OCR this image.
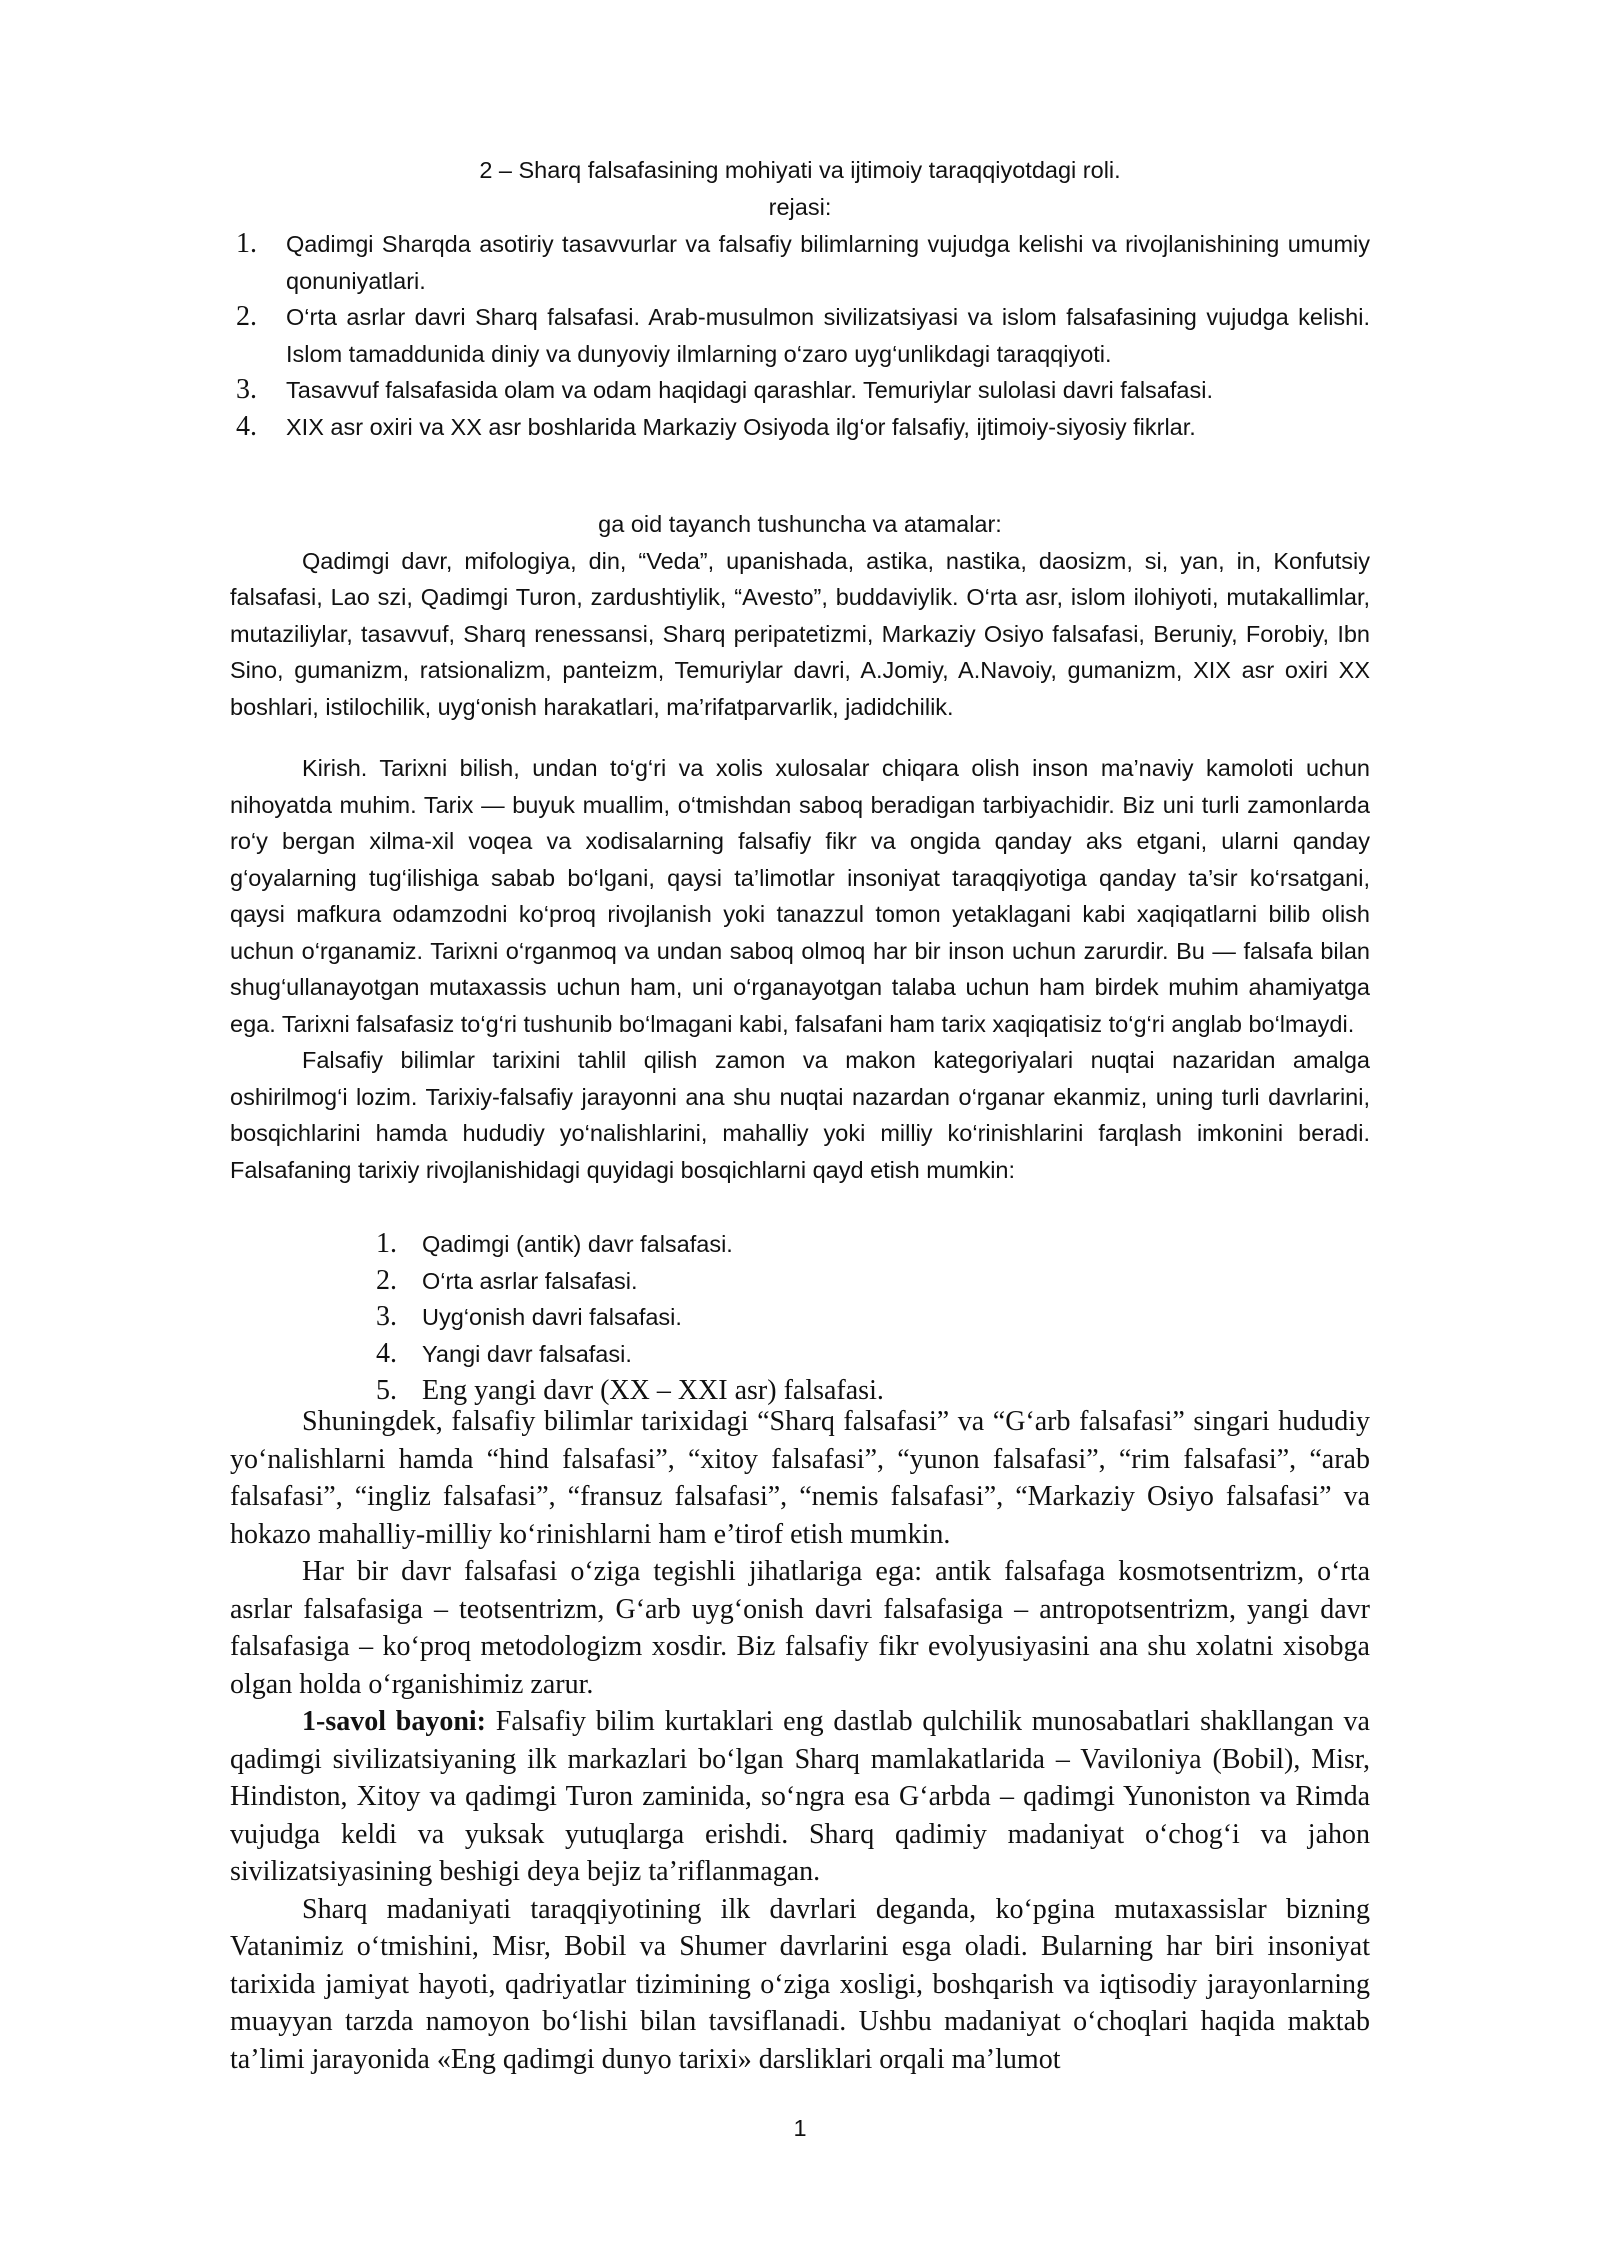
2 – Sharq falsafasining mohiyati va ijtimoiy taraqqiyotdagi roli.

rejasi:

1. Qadimgi Sharqda asotiriy tasavvurlar va falsafiy bilimlarning vujudga kelishi va rivojlanishining umumiy qonuniyatlari.
2. O‘rta asrlar davri Sharq falsafasi. Arab-musulmon sivilizatsiyasi va islom falsafasining vujudga kelishi. Islom tamaddunida diniy va dunyoviy ilmlarning o‘zaro uyg‘unlikdagi taraqqiyoti.
3. Tasavvuf falsafasida olam va odam haqidagi qarashlar. Temuriylar sulolasi davri falsafasi.
4. XIX asr oxiri va XX asr boshlarida Markaziy Osiyoda ilg‘or falsafiy, ijtimoiy-siyosiy fikrlar.

ga oid tayanch tushuncha va atamalar:

Qadimgi davr, mifologiya, din, “Veda”, upanishada, astika, nastika, daosizm, si, yan, in, Konfutsiy falsafasi, Lao szi, Qadimgi Turon, zardushtiylik, “Avesto”, buddaviylik. O‘rta asr, islom ilohiyoti, mutakallimlar, mutaziliylar, tasavvuf, Sharq renessansi, Sharq peripatetizmi, Markaziy Osiyo falsafasi, Beruniy, Forobiy, Ibn Sino, gumanizm, ratsionalizm, panteizm, Temuriylar davri, A.Jomiy, A.Navoiy, gumanizm, XIX asr oxiri XX boshlari, istilochilik, uyg‘onish harakatlari, ma’rifatparvarlik, jadidchilik.

Kirish. Tarixni bilish, undan to‘g‘ri va xolis xulosalar chiqara olish inson ma’naviy kamoloti uchun nihoyatda muhim. Tarix — buyuk muallim, o‘tmishdan saboq beradigan tarbiyachidir. Biz uni turli zamonlarda ro‘y bergan xilma-xil voqea va xodisalarning falsafiy fikr va ongida qanday aks etgani, ularni qanday g‘oyalarning tug‘ilishiga sabab bo‘lgani, qaysi ta’limotlar insoniyat taraqqiyotiga qanday ta’sir ko‘rsatgani, qaysi mafkura odamzodni ko‘proq rivojlanish yoki tanazzul tomon yetaklagani kabi xaqiqatlarni bilib olish uchun o‘rganamiz. Tarixni o‘rganmoq va undan saboq olmoq har bir inson uchun zarurdir. Bu — falsafa bilan shug‘ullanayotgan mutaxassis uchun ham, uni o‘rganayotgan talaba uchun ham birdek muhim ahamiyatga ega. Tarixni falsafasiz to‘g‘ri tushunib bo‘lmagani kabi, falsafani ham tarix xaqiqatisiz to‘g‘ri anglab bo‘lmaydi.

Falsafiy bilimlar tarixini tahlil qilish zamon va makon kategoriyalari nuqtai nazaridan amalga oshirilmog‘i lozim. Tarixiy-falsafiy jarayonni ana shu nuqtai nazardan o‘rganar ekanmiz, uning turli davrlarini, bosqichlarini hamda hududiy yo‘nalishlarini, mahalliy yoki milliy ko‘rinishlarini farqlash imkonini beradi. Falsafaning tarixiy rivojlanishidagi quyidagi bosqichlarni qayd etish mumkin:

1. Qadimgi (antik) davr falsafasi.
2. O‘rta asrlar falsafasi.
3. Uyg‘onish davri falsafasi.
4. Yangi davr falsafasi.
5. Eng yangi davr (XX – XXI asr) falsafasi.

Shuningdek, falsafiy bilimlar tarixidagi “Sharq falsafasi” va “G‘arb falsafasi” singari hududiy yo‘nalishlarni hamda “hind falsafasi”, “xitoy falsafasi”, “yunon falsafasi”, “rim falsafasi”, “arab falsafasi”, “ingliz falsafasi”, “fransuz falsafasi”, “nemis falsafasi”, “Markaziy Osiyo falsafasi” va hokazo mahalliy-milliy ko‘rinishlarni ham e’tirof etish mumkin.

Har bir davr falsafasi o‘ziga tegishli jihatlariga ega: antik falsafaga kosmotsentrizm, o‘rta asrlar falsafasiga – teotsentrizm, G‘arb uyg‘onish davri falsafasiga – antropotsentrizm, yangi davr falsafasiga – ko‘proq metodologizm xosdir. Biz falsafiy fikr evolyusiyasini ana shu xolatni xisobga olgan holda o‘rganishimiz zarur.

1-savol bayoni: Falsafiy bilim kurtaklari eng dastlab qulchilik munosabatlari shakllangan va qadimgi sivilizatsiyaning ilk markazlari bo‘lgan Sharq mamlakatlarida – Vaviloniya (Bobil), Misr, Hindiston, Xitoy va qadimgi Turon zaminida, so‘ngra esa G‘arbda – qadimgi Yunoniston va Rimda vujudga keldi va yuksak yutuqlarga erishdi. Sharq qadimiy madaniyat o‘chog‘i va jahon sivilizatsiyasining beshigi deya bejiz ta’riflanmagan.

Sharq madaniyati taraqqiyotining ilk davrlari deganda, ko‘pgina mutaxassislar bizning Vatanimiz o‘tmishini, Misr, Bobil va Shumer davrlarini esga oladi. Bularning har biri insoniyat tarixida jamiyat hayoti, qadriyatlar tizimining o‘ziga xosligi, boshqarish va iqtisodiy jarayonlarning muayyan tarzda namoyon bo‘lishi bilan tavsiflanadi. Ushbu madaniyat o‘choqlari haqida maktab ta’limi jarayonida «Eng qadimgi dunyo tarixi» darsliklari orqali ma’lumot

1
